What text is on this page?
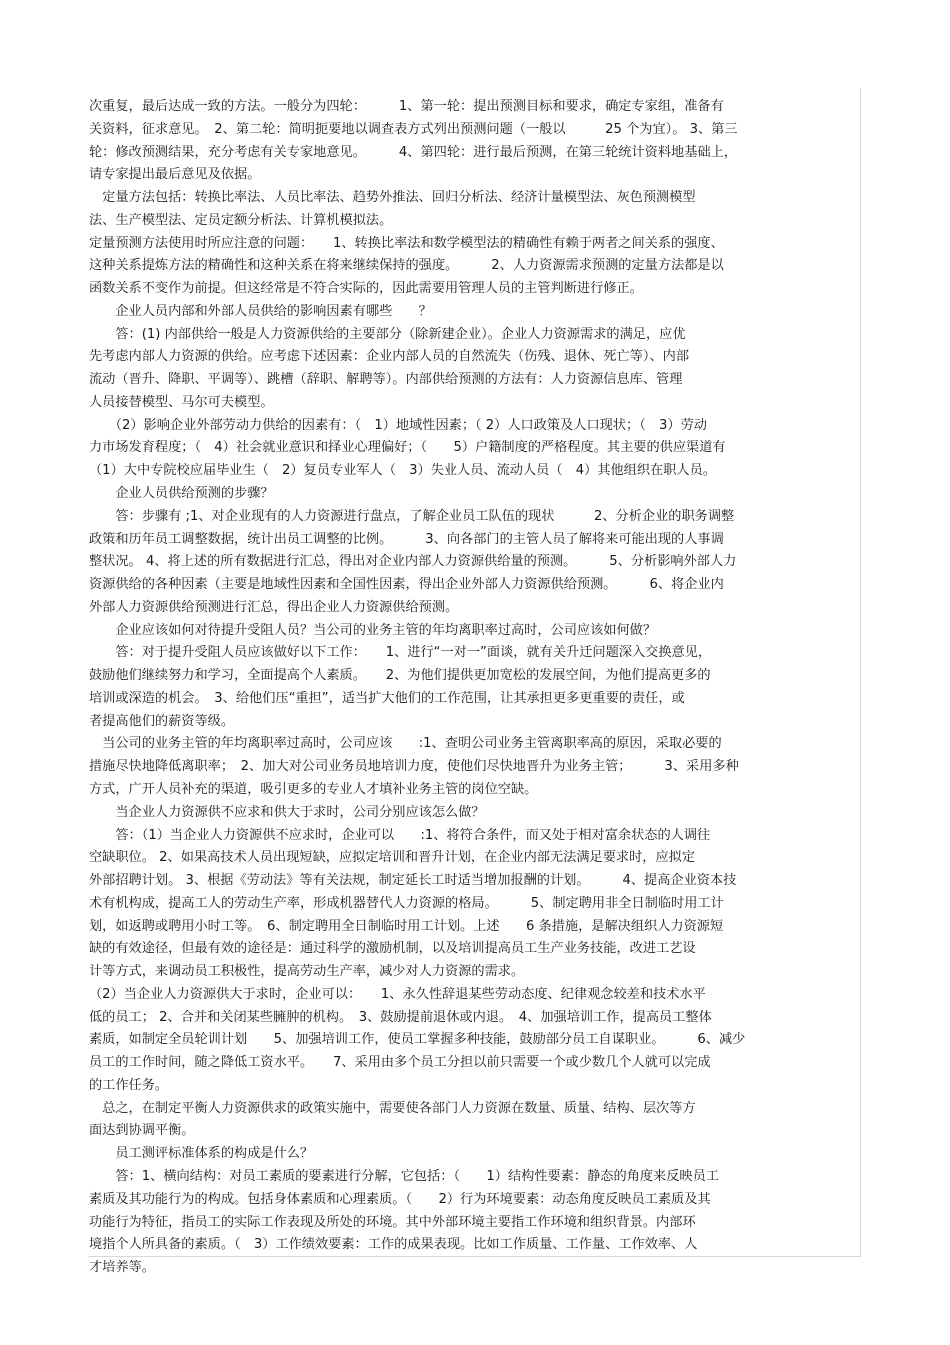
次重复，最后达成一致的方法。一般分为四轮：　　　1、第一轮：提出预测目标和要求，确定专家组，准备有
关资料，征求意见。　2、第二轮：简明扼要地以调查表方式列出预测问题（一般以　　　25 个为宜）。 3、第三
轮：修改预测结果，充分考虑有关专家地意见。　　　4、第四轮：进行最后预测，在第三轮统计资料地基础上，
请专家提出最后意见及依据。
　定量方法包括：转换比率法、人员比率法、趋势外推法、回归分析法、经济计量模型法、灰色预测模型
法、生产模型法、定员定额分析法、计算机模拟法。
定量预测方法使用时所应注意的问题：　　1、转换比率法和数学模型法的精确性有赖于两者之间关系的强度、
这种关系提炼方法的精确性和这种关系在将来继续保持的强度。　　　2、人力资源需求预测的定量方法都是以
函数关系不变作为前提。但这经常是不符合实际的，因此需要用管理人员的主管判断进行修正。
　　企业人员内部和外部人员供给的影响因素有哪些　　？
　　答：(1) 内部供给一般是人力资源供给的主要部分（除新建企业）。企业人力资源需求的满足，应优
先考虑内部人力资源的供给。应考虑下述因素：企业内部人员的自然流失（伤残、退休、死亡等）、内部
流动（晋升、降职、平调等）、跳槽（辞职、解聘等）。内部供给预测的方法有：人力资源信息库、管理
人员接替模型、马尔可夫模型。
　　（2）影响企业外部劳动力供给的因素有：（　1）地域性因素；（ 2）人口政策及人口现状；（　3）劳动
力市场发育程度；（　4）社会就业意识和择业心理偏好；（　　5）户籍制度的严格程度。其主要的供应渠道有
（1）大中专院校应届毕业生（　2）复员专业军人（　3）失业人员、流动人员（　4）其他组织在职人员。
　　企业人员供给预测的步骤？
　　答：步骤有 ;1、对企业现有的人力资源进行盘点，了解企业员工队伍的现状　　　2、分析企业的职务调整
政策和历年员工调整数据，统计出员工调整的比例。　　　3、向各部门的主管人员了解将来可能出现的人事调
整状况。 4、将上述的所有数据进行汇总，得出对企业内部人力资源供给量的预测。　　　5、分析影响外部人力
资源供给的各种因素（主要是地域性因素和全国性因素，得出企业外部人力资源供给预测。　　　6、将企业内
外部人力资源供给预测进行汇总，得出企业人力资源供给预测。
　　企业应该如何对待提升受阻人员？当公司的业务主管的年均离职率过高时，公司应该如何做？
　　答：对于提升受阻人员应该做好以下工作：　　1、进行“一对一”面谈，就有关升迁问题深入交换意见，
鼓励他们继续努力和学习，全面提高个人素质。　　2、为他们提供更加宽松的发展空间，为他们提高更多的
培训或深造的机会。　3、给他们压“重担”，适当扩大他们的工作范围，让其承担更多更重要的责任，或
者提高他们的薪资等级。
　当公司的业务主管的年均离职率过高时，公司应该　　:1、查明公司业务主管离职率高的原因，采取必要的
措施尽快地降低离职率；　2、加大对公司业务员地培训力度，使他们尽快地晋升为业务主管；　　　3、采用多种
方式，广开人员补充的渠道，吸引更多的专业人才填补业务主管的岗位空缺。
　　当企业人力资源供不应求和供大于求时，公司分别应该怎么做？
　　答：（1）当企业人力资源供不应求时，企业可以　　:1、将符合条件，而又处于相对富余状态的人调往
空缺职位。 2、如果高技术人员出现短缺，应拟定培训和晋升计划，在企业内部无法满足要求时，应拟定
外部招聘计划。 3、根据《劳动法》等有关法规，制定延长工时适当增加报酬的计划。　　　4、提高企业资本技
术有机构成，提高工人的劳动生产率，形成机器替代人力资源的格局。　　　5、制定聘用非全日制临时用工计
划，如返聘或聘用小时工等。　6、制定聘用全日制临时用工计划。上述　　6 条措施，是解决组织人力资源短
缺的有效途径，但最有效的途径是：通过科学的激励机制，以及培训提高员工生产业务技能，改进工艺设
计等方式，来调动员工积极性，提高劳动生产率，减少对人力资源的需求。
（2）当企业人力资源供大于求时，企业可以：　　1、永久性辞退某些劳动态度、纪律观念较差和技术水平
低的员工； 2、合并和关闭某些臃肿的机构。　3、鼓励提前退休或内退。　4、加强培训工作，提高员工整体
素质，如制定全员轮训计划　　5、加强培训工作，使员工掌握多种技能，鼓励部分员工自谋职业。　　　6、减少
员工的工作时间，随之降低工资水平。　　7、采用由多个员工分担以前只需要一个或少数几个人就可以完成
的工作任务。
　总之，在制定平衡人力资源供求的政策实施中，需要使各部门人力资源在数量、质量、结构、层次等方
面达到协调平衡。
　　员工测评标准体系的构成是什么？
　　答：1、横向结构：对员工素质的要素进行分解，它包括：（　　1）结构性要素：静态的角度来反映员工
素质及其功能行为的构成。包括身体素质和心理素质。（　　2）行为环境要素：动态角度反映员工素质及其
功能行为特征，指员工的实际工作表现及所处的环境。其中外部环境主要指工作环境和组织背景。内部环
境指个人所具备的素质。（　3）工作绩效要素：工作的成果表现。比如工作质量、工作量、工作效率、人
才培养等。
